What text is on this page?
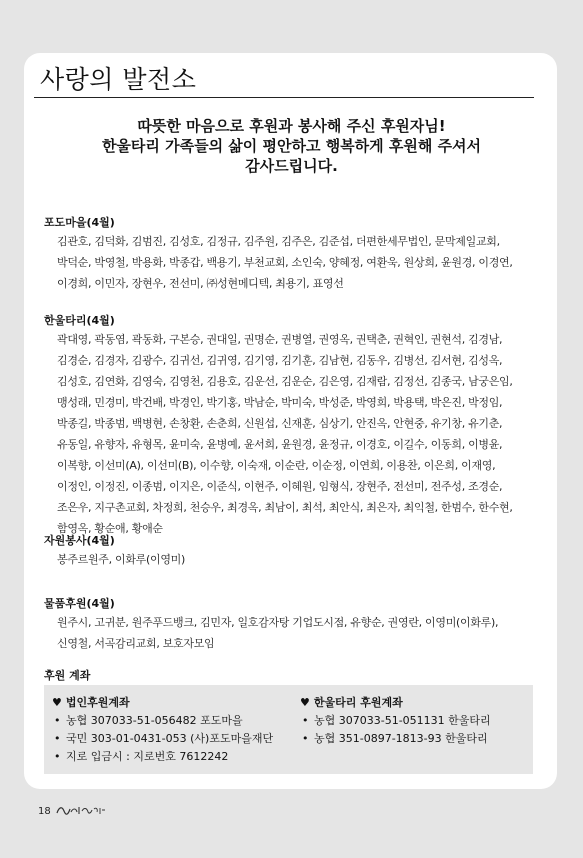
사랑의 발전소
따뜻한 마음으로 후원과 봉사해 주신 후원자님!
한울타리 가족들의 삶이 평안하고 행복하게 후원해 주셔서
감사드립니다.
포도마을(4월)
김관호, 김덕화, 김범진, 김성호, 김정규, 김주원, 김주은, 김준섭, 더편한세무법인, 문막제일교회,
박덕순, 박영철, 박용화, 박종갑, 백용기, 부천교회, 소인숙, 양혜정, 여환욱, 원상희, 윤원경, 이경연,
이경희, 이민자, 장현우, 전선미, ㈜성현메디텍, 최용기, 표영선
한울타리(4월)
곽대영, 곽동염, 곽동화, 구본승, 권대일, 권명순, 권병열, 권영옥, 권택춘, 권혁인, 권현석, 김경남,
김경순, 김경자, 김광수, 김귀선, 김귀영, 김기영, 김기훈, 김남현, 김동우, 김병선, 김서현, 김성옥,
김성호, 김연화, 김영숙, 김영천, 김용호, 김운선, 김운순, 김은영, 김재람, 김정선, 김종국, 남궁은임,
맹성래, 민경미, 박건배, 박경인, 박기홍, 박남순, 박미숙, 박성준, 박영희, 박용택, 박은진, 박정임,
박종길, 박종범, 백병현, 손창환, 손춘희, 신원섭, 신재훈, 심상기, 안진옥, 안현중, 유기창, 유기춘,
유동일, 유향자, 유형목, 윤미숙, 윤병예, 윤서희, 윤원경, 윤정규, 이경호, 이길수, 이동희, 이병윤,
이복향, 이선미(A), 이선미(B), 이수향, 이숙재, 이순란, 이순정, 이연희, 이용찬, 이은희, 이재영,
이정인, 이정진, 이종범, 이지은, 이준식, 이현주, 이혜원, 임형식, 장현주, 전선미, 전주성, 조경순,
조은우, 지구촌교회, 차정희, 천승우, 최경옥, 최남이, 최석, 최안식, 최은자, 최익철, 한범수, 한수현,
함영옥, 황순애, 황애순
자원봉사(4월)
봉주르원주, 이화루(이영미)
물품후원(4월)
원주시, 고귀분, 원주푸드뱅크, 김민자, 일호감자탕 기업도시점, 유향순, 권영란, 이영미(이화루),
신영철, 서곡감리교회, 보호자모임
후원 계좌
♥ 법인후원계좌
• 농협 307033-51-056482 포도마을
• 국민 303-01-0431-053 (사)포도마을재단
• 지로 입금시 : 지로번호 7612242
♥ 한울타리 후원계좌
• 농협 307033-51-051131 한울타리
• 농협 351-0897-1813-93 한울타리
18
